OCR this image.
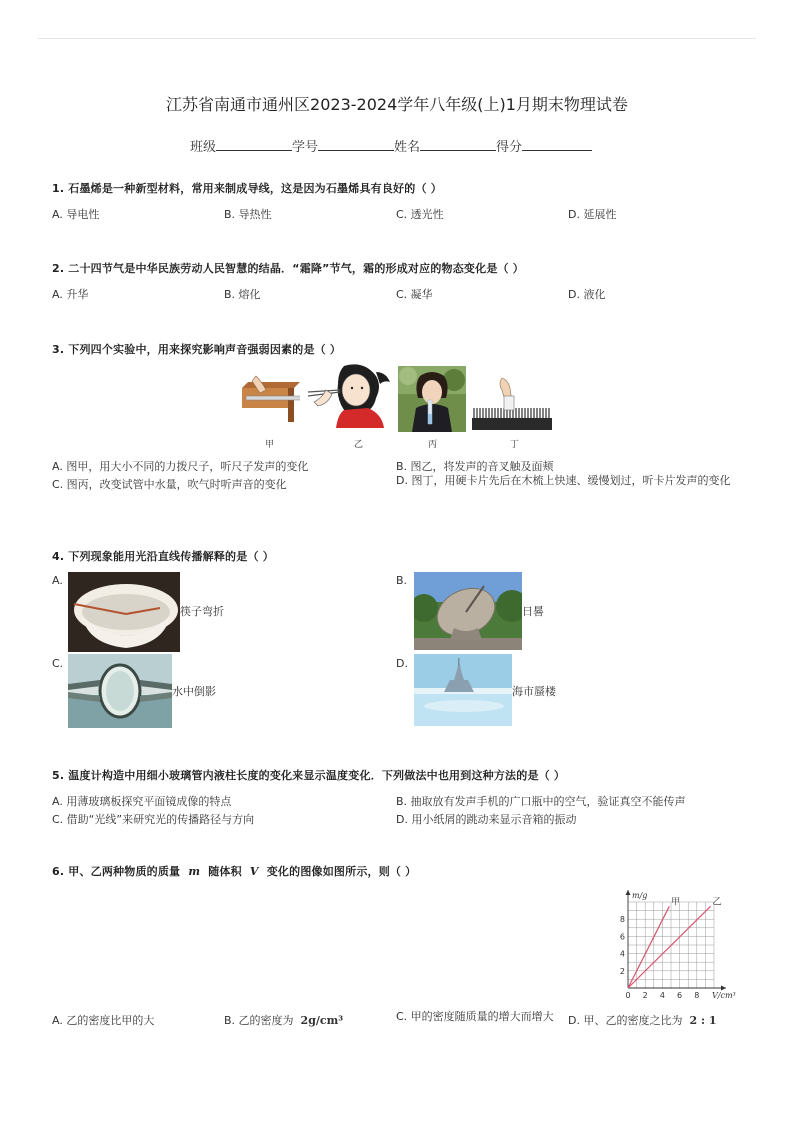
江苏省南通市通州区2023-2024学年八年级(上)1月期末物理试卷
班级	学号	姓名	得分
1. 石墨烯是一种新型材料，常用来制成导线，这是因为石墨烯具有良好的（ ）
A. 导电性	B. 导热性	C. 透光性	D. 延展性
2. 二十四节气是中华民族劳动人民智慧的结晶．“霜降”节气，霜的形成对应的物态变化是（ ）
A. 升华	B. 熔化	C. 凝华	D. 液化
3. 下列四个实验中，用来探究影响声音强弱因素的是（ ）
甲	乙	丙	丁
A. 图甲，用大小不同的力拨尺子，听尺子发声的变化	B. 图乙，将发声的音叉触及面颊
C. 图丙，改变试管中水量，吹气时听声音的变化	D. 图丁，用硬卡片先后在木梳上快速、缓慢划过，听卡片发声的变化
4. 下列现象能用光沿直线传播解释的是（ ）
A.
筷子弯折
B.
日晷
C.
水中倒影
D.
海市蜃楼
5. 温度计构造中用细小玻璃管内液柱长度的变化来显示温度变化．下列做法中也用到这种方法的是（ ）
A. 用薄玻璃板探究平面镜成像的特点	B. 抽取放有发声手机的广口瓶中的空气，验证真空不能传声
C. 借助“光线”来研究光的传播路径与方向	D. 用小纸屑的跳动来显示音箱的振动
6. 甲、乙两种物质的质量 m 随体积 V 变化的图像如图所示，则（ ）
0 2 4 6 8
2
4
6
8
m/g
V/cm³
甲	乙
A. 乙的密度比甲的大	B. 乙的密度为 2g/cm³	C. 甲的密度随质量的增大而增大	D. 甲、乙的密度之比为 2 : 1
